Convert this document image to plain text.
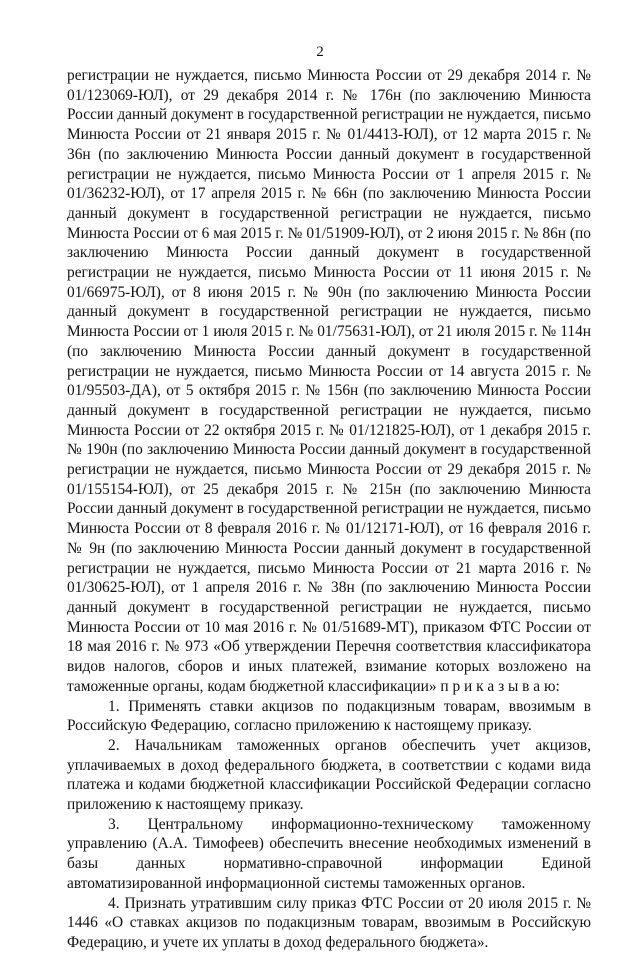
2

регистрации не нуждается, письмо Минюста России от 29 декабря 2014 г. № 01/123069-ЮЛ), от 29 декабря 2014 г. № 176н (по заключению Минюста России данный документ в государственной регистрации не нуждается, письмо Минюста России от 21 января 2015 г. № 01/4413-ЮЛ), от 12 марта 2015 г. № 36н (по заключению Минюста России данный документ в государственной регистрации не нуждается, письмо Минюста России от 1 апреля 2015 г. № 01/36232-ЮЛ), от 17 апреля 2015 г. № 66н (по заключению Минюста России данный документ в государственной регистрации не нуждается, письмо Минюста России от 6 мая 2015 г. № 01/51909-ЮЛ), от 2 июня 2015 г. № 86н (по заключению Минюста России данный документ в государственной регистрации не нуждается, письмо Минюста России от 11 июня 2015 г. № 01/66975-ЮЛ), от 8 июня 2015 г. № 90н (по заключению Минюста России данный документ в государственной регистрации не нуждается, письмо Минюста России от 1 июля 2015 г. № 01/75631-ЮЛ), от 21 июля 2015 г. № 114н (по заключению Минюста России данный документ в государственной регистрации не нуждается, письмо Минюста России от 14 августа 2015 г. № 01/95503-ДА), от 5 октября 2015 г. № 156н (по заключению Минюста России данный документ в государственной регистрации не нуждается, письмо Минюста России от 22 октября 2015 г. № 01/121825-ЮЛ), от 1 декабря 2015 г. № 190н (по заключению Минюста России данный документ в государственной регистрации не нуждается, письмо Минюста России от 29 декабря 2015 г. № 01/155154-ЮЛ), от 25 декабря 2015 г. № 215н (по заключению Минюста России данный документ в государственной регистрации не нуждается, письмо Минюста России от 8 февраля 2016 г. № 01/12171-ЮЛ), от 16 февраля 2016 г. № 9н (по заключению Минюста России данный документ в государственной регистрации не нуждается, письмо Минюста России от 21 марта 2016 г. № 01/30625-ЮЛ), от 1 апреля 2016 г. № 38н (по заключению Минюста России данный документ в государственной регистрации не нуждается, письмо Минюста России от 10 мая 2016 г. № 01/51689-МТ), приказом ФТС России от 18 мая 2016 г. № 973 «Об утверждении Перечня соответствия классификатора видов налогов, сборов и иных платежей, взимание которых возложено на таможенные органы, кодам бюджетной классификации» п р и к а з ы в а ю:

1. Применять ставки акцизов по подакцизным товарам, ввозимым в Российскую Федерацию, согласно приложению к настоящему приказу.

2. Начальникам таможенных органов обеспечить учет акцизов, уплачиваемых в доход федерального бюджета, в соответствии с кодами вида платежа и кодами бюджетной классификации Российской Федерации согласно приложению к настоящему приказу.

3. Центральному информационно-техническому таможенному управлению (А.А. Тимофеев) обеспечить внесение необходимых изменений в базы данных нормативно-справочной информации Единой автоматизированной информационной системы таможенных органов.

4. Признать утратившим силу приказ ФТС России от 20 июля 2015 г. № 1446 «О ставках акцизов по подакцизным товарам, ввозимым в Российскую Федерацию, и учете их уплаты в доход федерального бюджета».
